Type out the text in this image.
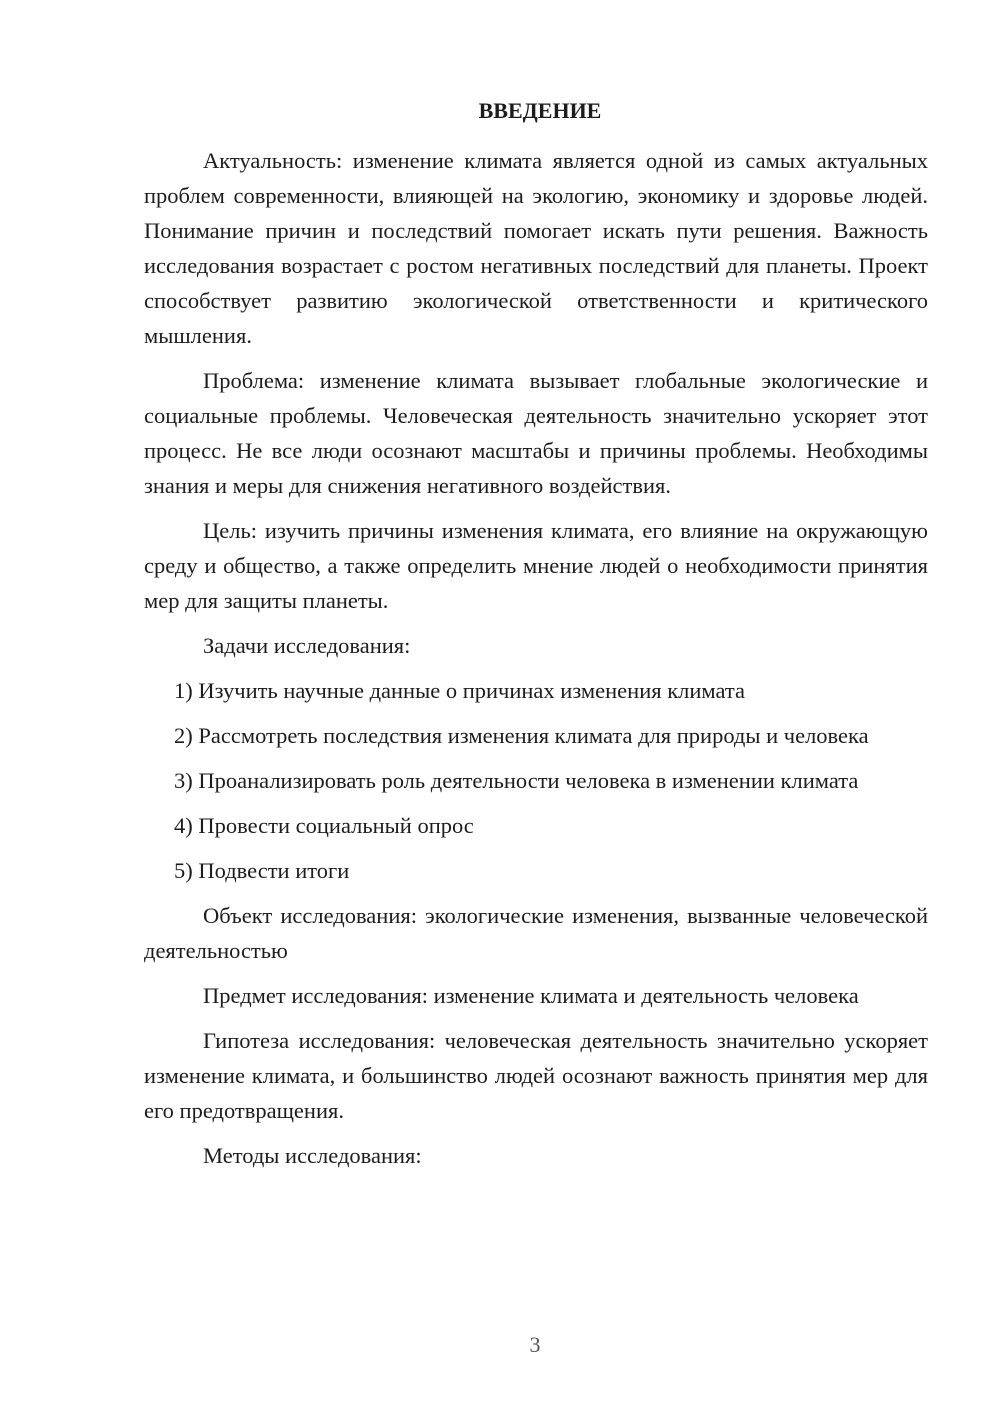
ВВЕДЕНИЕ

Актуальность: изменение климата является одной из самых актуальных проблем современности, влияющей на экологию, экономику и здоровье людей. Понимание причин и последствий помогает искать пути решения. Важность исследования возрастает с ростом негативных последствий для планеты. Проект способствует развитию экологической ответственности и критического мышления.

Проблема: изменение климата вызывает глобальные экологические и социальные проблемы. Человеческая деятельность значительно ускоряет этот процесс. Не все люди осознают масштабы и причины проблемы. Необходимы знания и меры для снижения негативного воздействия.

Цель: изучить причины изменения климата, его влияние на окружающую среду и общество, а также определить мнение людей о необходимости принятия мер для защиты планеты.

Задачи исследования:

1) Изучить научные данные о причинах изменения климата

2) Рассмотреть последствия изменения климата для природы и человека

3) Проанализировать роль деятельности человека в изменении климата

4) Провести социальный опрос

5) Подвести итоги

Объект исследования: экологические изменения, вызванные человеческой деятельностью

Предмет исследования: изменение климата и деятельность человека

Гипотеза исследования: человеческая деятельность значительно ускоряет изменение климата, и большинство людей осознают важность принятия мер для его предотвращения.

Методы исследования:

3
